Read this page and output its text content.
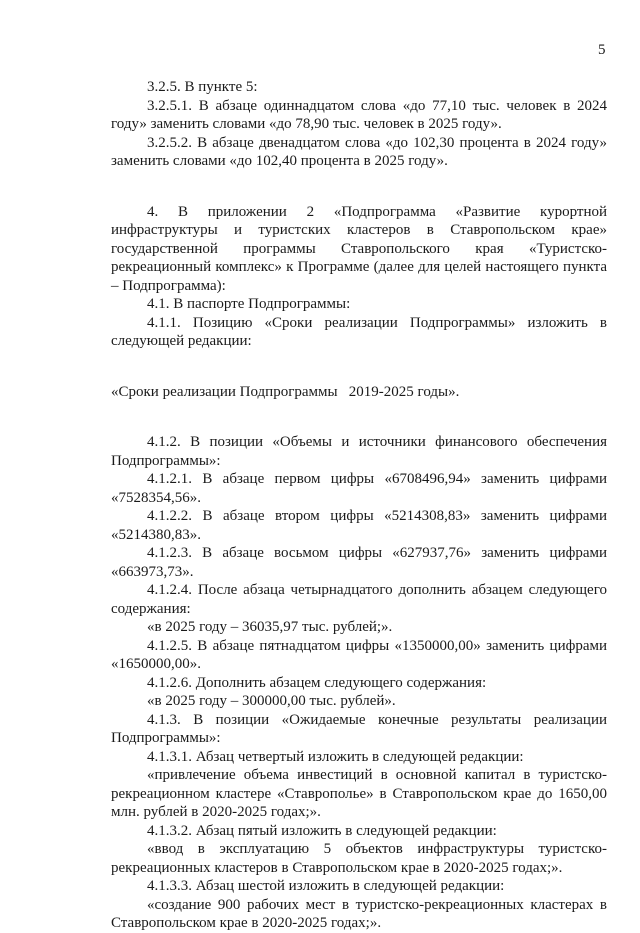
5

3.2.5. В пункте 5:

3.2.5.1. В абзаце одиннадцатом слова «до 77,10 тыс. человек в 2024 году» заменить словами «до 78,90 тыс. человек в 2025 году».

3.2.5.2. В абзаце двенадцатом слова «до 102,30 процента в 2024 году» заменить словами «до 102,40 процента в 2025 году».

4. В приложении 2 «Подпрограмма «Развитие курортной инфраструктуры и туристских кластеров в Ставропольском крае» государственной программы Ставропольского края «Туристско-рекреационный комплекс» к Программе (далее для целей настоящего пункта – Подпрограмма):

4.1. В паспорте Подпрограммы:

4.1.1. Позицию «Сроки реализации Подпрограммы» изложить в следующей редакции:

«Сроки реализации Подпрограммы   2019-2025 годы».

4.1.2. В позиции «Объемы и источники финансового обеспечения Подпрограммы»:

4.1.2.1. В абзаце первом цифры «6708496,94» заменить цифрами «7528354,56».

4.1.2.2. В абзаце втором цифры «5214308,83» заменить цифрами «5214380,83».

4.1.2.3. В абзаце восьмом цифры «627937,76» заменить цифрами «663973,73».

4.1.2.4. После абзаца четырнадцатого дополнить абзацем следующего содержания:

«в 2025 году – 36035,97 тыс. рублей;».

4.1.2.5. В абзаце пятнадцатом цифры «1350000,00» заменить цифрами «1650000,00».

4.1.2.6. Дополнить абзацем следующего содержания:

«в 2025 году – 300000,00 тыс. рублей».

4.1.3. В позиции «Ожидаемые конечные результаты реализации Подпрограммы»:

4.1.3.1. Абзац четвертый изложить в следующей редакции:

«привлечение объема инвестиций в основной капитал в туристско-рекреационном кластере «Ставрополье» в Ставропольском крае до 1650,00 млн. рублей в 2020-2025 годах;».

4.1.3.2. Абзац пятый изложить в следующей редакции:

«ввод в эксплуатацию 5 объектов инфраструктуры туристско-рекреационных кластеров в Ставропольском крае в 2020-2025 годах;».

4.1.3.3. Абзац шестой изложить в следующей редакции:

«создание 900 рабочих мест в туристско-рекреационных кластерах в Ставропольском крае в 2020-2025 годах;».
